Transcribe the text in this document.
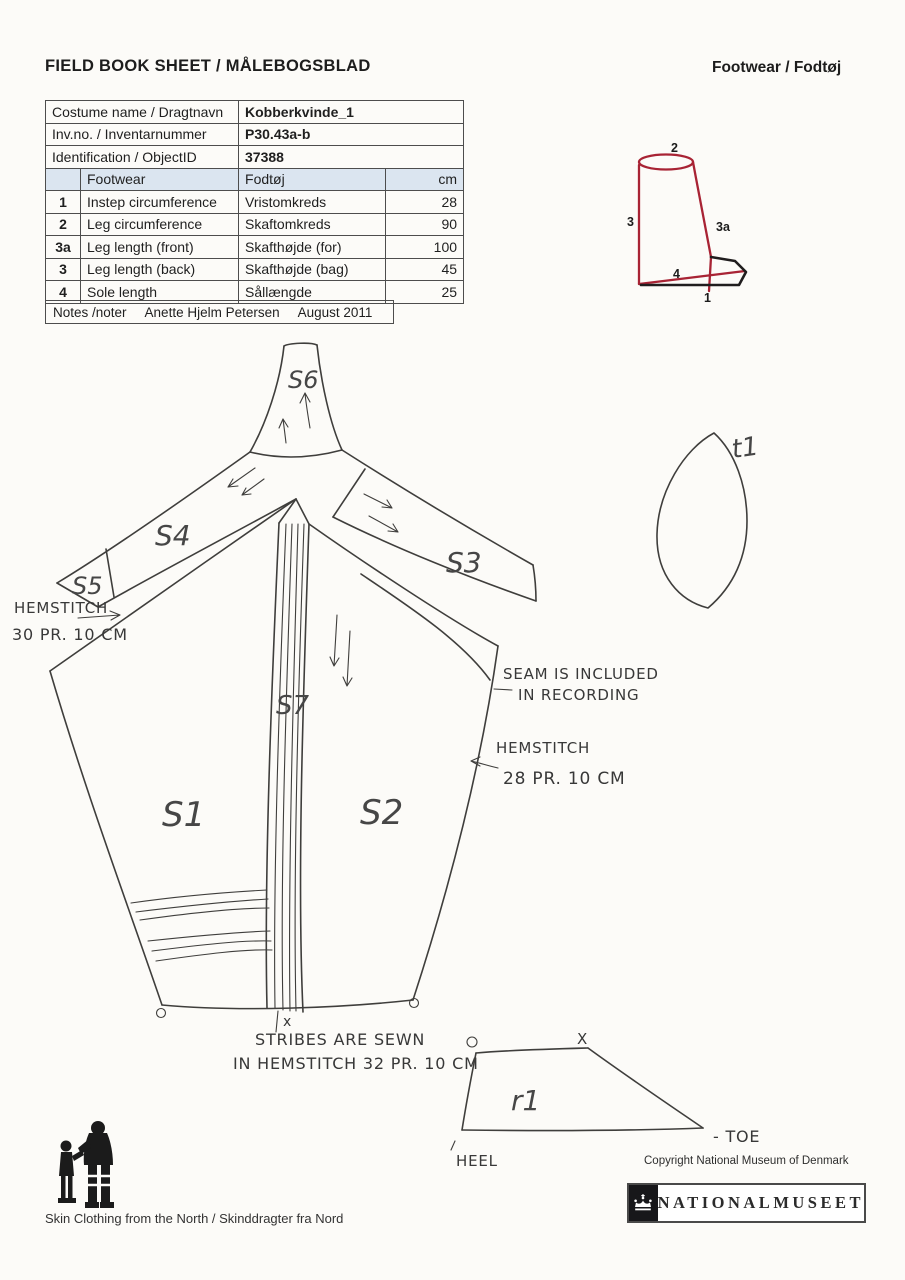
FIELD BOOK SHEET / MÅLEBOGSBLAD	Footwear / Fodtøj
Costume name / Dragtnavn		Kobberkvinde_1	
Inv.no. / Inventarnummer		P30.43a-b	
Identification / ObjectID		37388	
	Footwear	Fodtøj	cm
1	Instep circumference	Vristomkreds	28
2	Leg circumference	Skaftomkreds	90
3a	Leg length (front)	Skafthøjde (for)	100
3	Leg length (back)	Skafthøjde (bag)	45
4	Sole length	Sållængde	25
Notes /noter Anette Hjelm Petersen August 2011
2
3	3a
4
1
S6
S4
S5
S3
S1	S2
S7
x
HEMSTITCH
30 PR. 10 CM
SEAM IS INCLUDED
IN RECORDING
HEMSTITCH
28 PR. 10 CM
STRIBES ARE SEWN
IN HEMSTITCH 32 PR. 10 CM
t1
X
r1
HEEL
- TOE
Skin Clothing from the North / Skinddragter fra Nord
Copyright National Museum of Denmark
NATIONALMUSEET
